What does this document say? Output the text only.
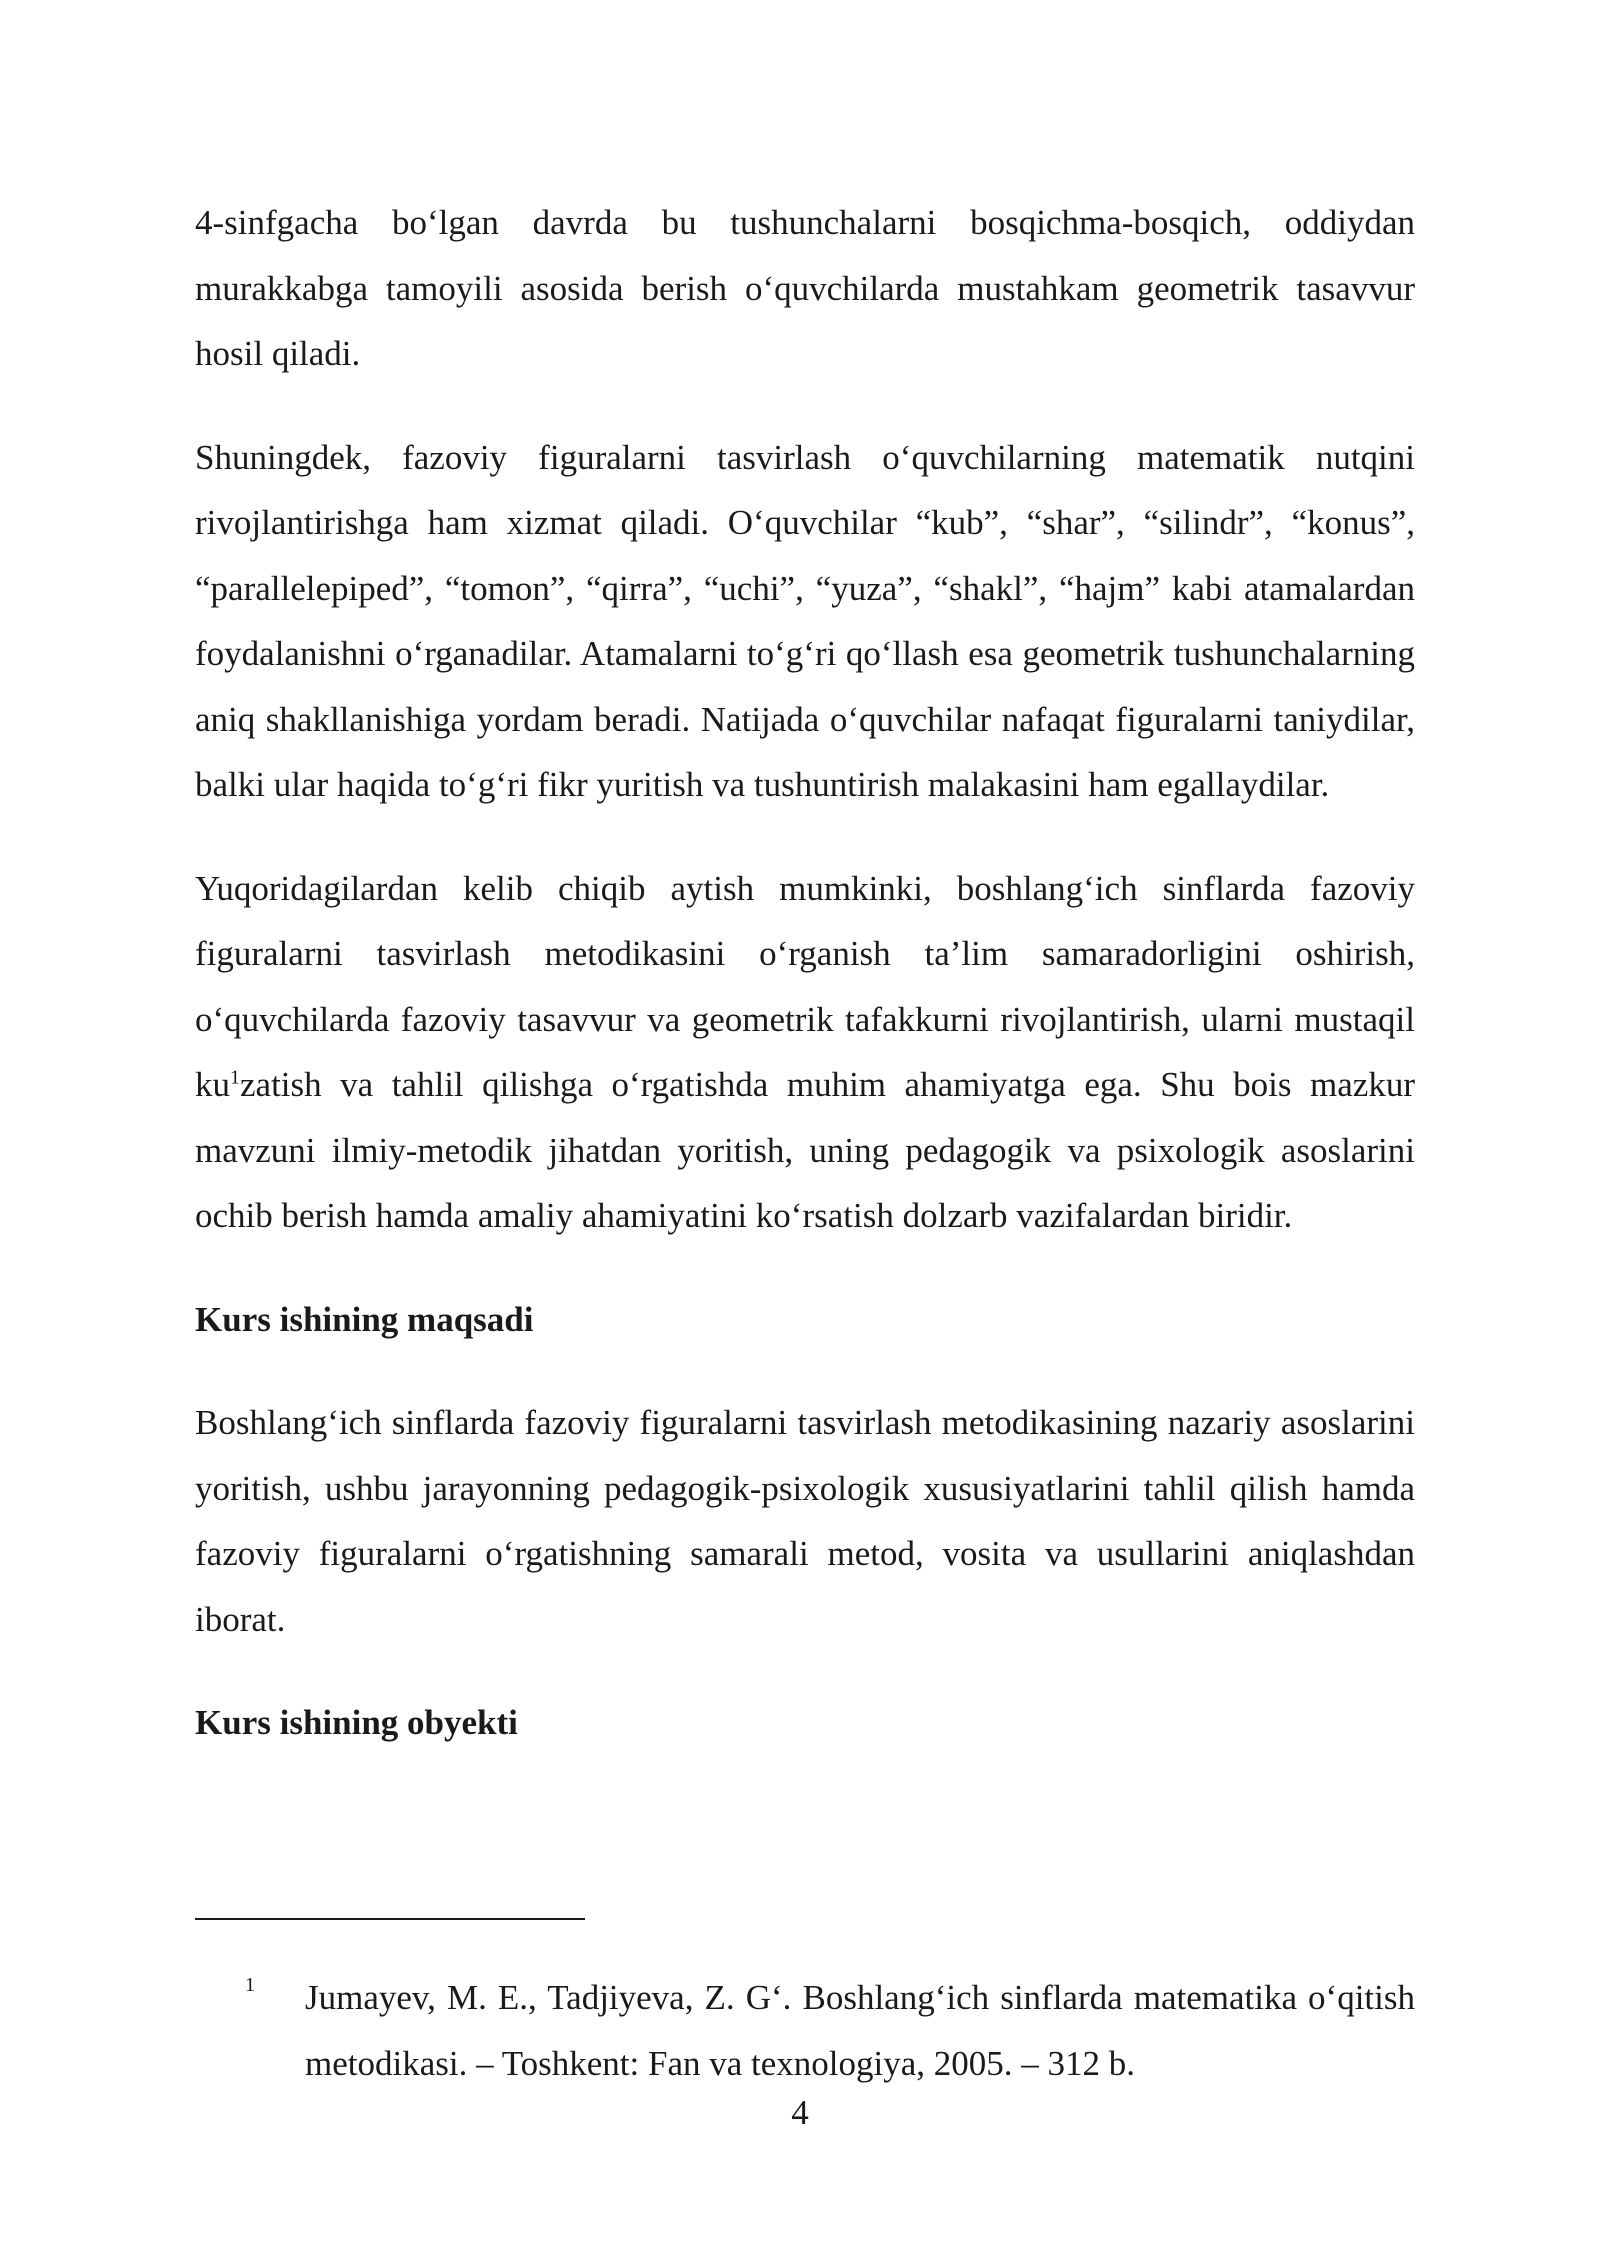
4-sinfgacha bo‘lgan davrda bu tushunchalarni bosqichma-bosqich, oddiydan murakkabga tamoyili asosida berish o‘quvchilarda mustahkam geometrik tasavvur hosil qiladi.

Shuningdek, fazoviy figuralarni tasvirlash o‘quvchilarning matematik nutqini rivojlantirishga ham xizmat qiladi. O‘quvchilar “kub”, “shar”, “silindr”, “konus”, “parallelepiped”, “tomon”, “qirra”, “uchi”, “yuza”, “shakl”, “hajm” kabi atamalardan foydalanishni o‘rganadilar. Atamalarni to‘g‘ri qo‘llash esa geometrik tushunchalarning aniq shakllanishiga yordam beradi. Natijada o‘quvchilar nafaqat figuralarni taniydilar, balki ular haqida to‘g‘ri fikr yuritish va tushuntirish malakasini ham egallaydilar.

Yuqoridagilardan kelib chiqib aytish mumkinki, boshlang‘ich sinflarda fazoviy figuralarni tasvirlash metodikasini o‘rganish ta’lim samaradorligini oshirish, o‘quvchilarda fazoviy tasavvur va geometrik tafakkurni rivojlantirish, ularni mustaqil $ku^1zatish$ va tahlil qilishga o‘rgatishda muhim ahamiyatga ega. Shu bois mazkur mavzuni ilmiy-metodik jihatdan yoritish, uning pedagogik va psixologik asoslarini ochib berish hamda amaliy ahamiyatini ko‘rsatish dolzarb vazifalardan biridir.

Kurs ishining maqsadi

Boshlang‘ich sinflarda fazoviy figuralarni tasvirlash metodikasining nazariy asoslarini yoritish, ushbu jarayonning pedagogik-psixologik xususiyatlarini tahlil qilish hamda fazoviy figuralarni o‘rgatishning samarali metod, vosita va usullarini aniqlashdan iborat.

Kurs ishining obyekti
1	Jumayev, M. E., Tadjiyeva, Z. G‘. Boshlang‘ich sinflarda matematika o‘qitish metodikasi. – Toshkent: Fan va texnologiya, 2005. – 312 b.
4
